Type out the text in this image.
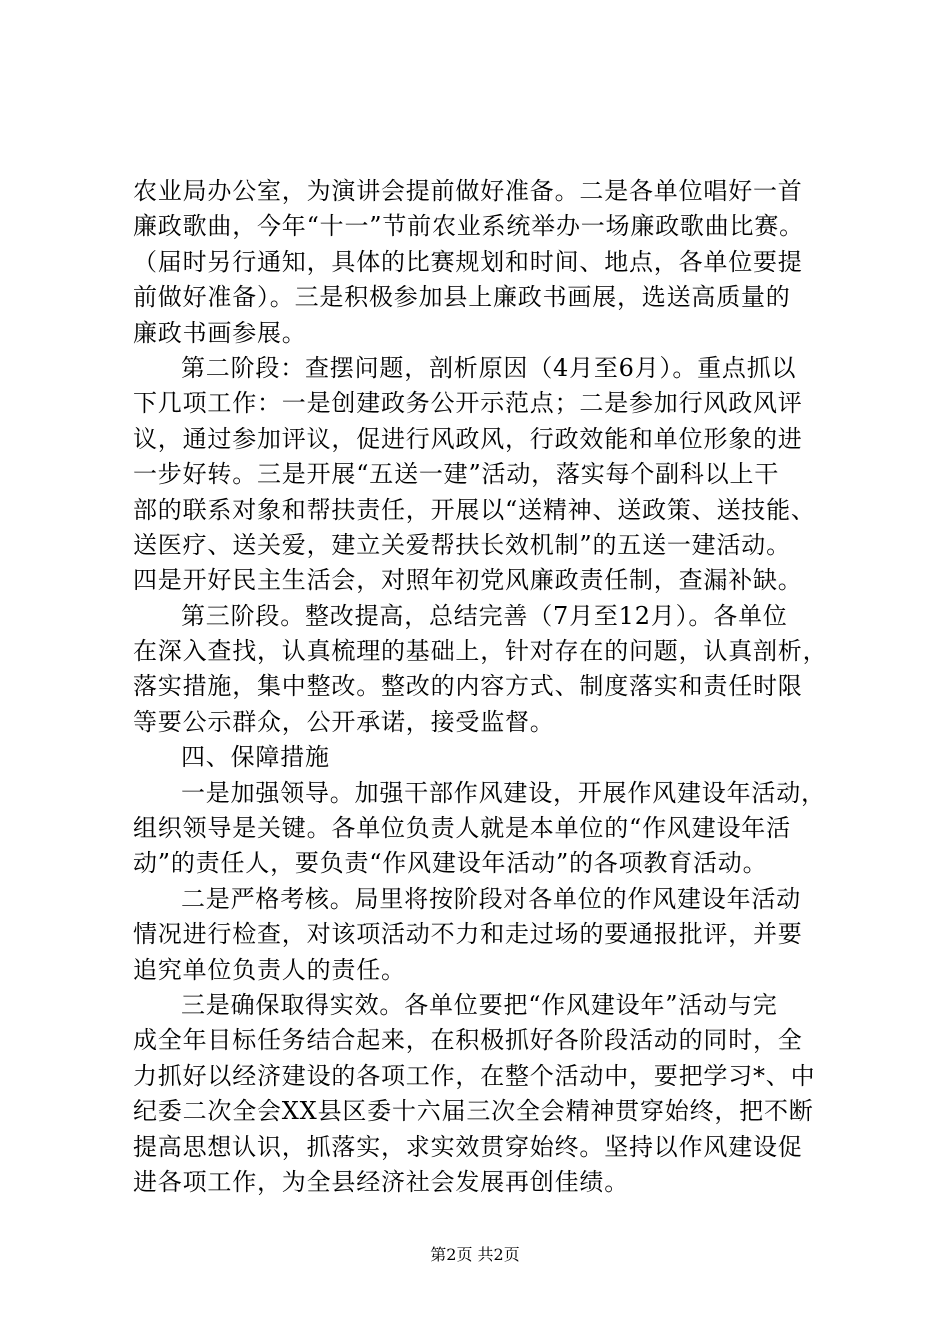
农业局办公室，为演讲会提前做好准备。二是各单位唱好一首
廉政歌曲，今年“十一”节前农业系统举办一场廉政歌曲比赛。
（届时另行通知，具体的比赛规划和时间、地点，各单位要提
前做好准备）。三是积极参加县上廉政书画展，选送高质量的
廉政书画参展。
第二阶段：查摆问题，剖析原因（4月至6月）。重点抓以
下几项工作：一是创建政务公开示范点；二是参加行风政风评
议，通过参加评议，促进行风政风，行政效能和单位形象的进
一步好转。三是开展“五送一建”活动，落实每个副科以上干
部的联系对象和帮扶责任，开展以“送精神、送政策、送技能、
送医疗、送关爱，建立关爱帮扶长效机制”的五送一建活动。
四是开好民主生活会，对照年初党风廉政责任制，查漏补缺。
第三阶段。整改提高，总结完善（7月至12月）。各单位
在深入查找，认真梳理的基础上，针对存在的问题，认真剖析，
落实措施，集中整改。整改的内容方式、制度落实和责任时限
等要公示群众，公开承诺，接受监督。
四、保障措施
一是加强领导。加强干部作风建设，开展作风建设年活动，
组织领导是关键。各单位负责人就是本单位的“作风建设年活
动”的责任人，要负责“作风建设年活动”的各项教育活动。
二是严格考核。局里将按阶段对各单位的作风建设年活动
情况进行检查，对该项活动不力和走过场的要通报批评，并要
追究单位负责人的责任。
三是确保取得实效。各单位要把“作风建设年”活动与完
成全年目标任务结合起来，在积极抓好各阶段活动的同时，全
力抓好以经济建设的各项工作，在整个活动中，要把学习*、中
纪委二次全会XX县区委十六届三次全会精神贯穿始终，把不断
提高思想认识，抓落实，求实效贯穿始终。坚持以作风建设促
进各项工作，为全县经济社会发展再创佳绩。
第2页 共2页
